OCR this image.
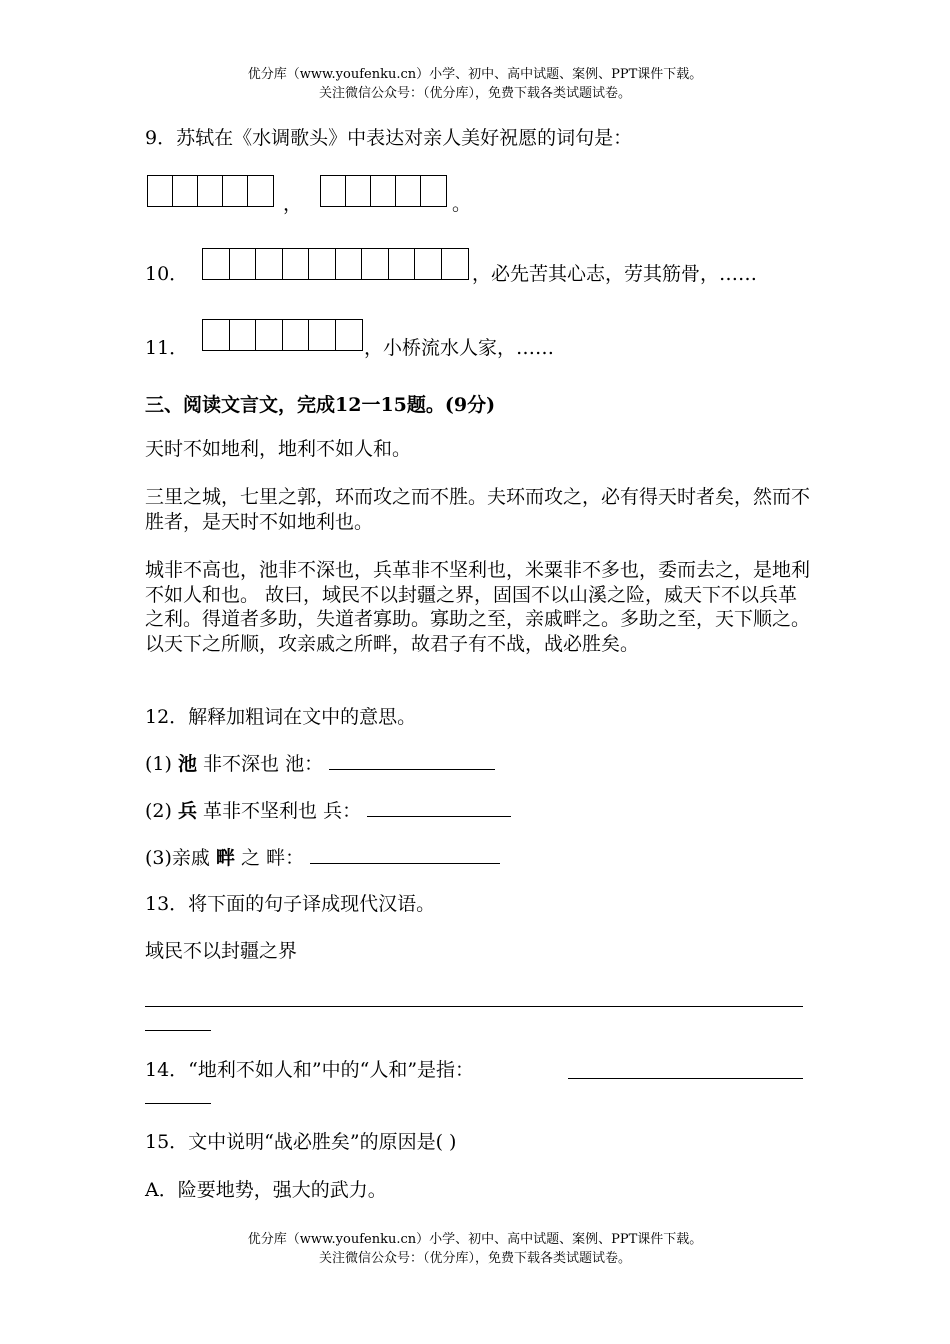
优分库（www.youfenku.cn）小学、初中、高中试题、案例、PPT课件下载。
关注微信公众号：（优分库），免费下载各类试题试卷。
9．苏轼在《水调歌头》中表达对亲人美好祝愿的词句是：
，	。
10．	，必先苦其心志，劳其筋骨，……
11．	，小桥流水人家，……
三、阅读文言文，完成12一15题。(9分)
天时不如地利，地利不如人和。
三里之城，七里之郭，环而攻之而不胜。夫环而攻之，必有得天时者矣，然而不胜者，是天时不如地利也。
城非不高也，池非不深也，兵革非不坚利也，米粟非不多也，委而去之，是地利不如人和也。 故曰，域民不以封疆之界，固国不以山溪之险，威天下不以兵革之利。得道者多助，失道者寡助。寡助之至，亲戚畔之。多助之至，天下顺之。以天下之所顺，攻亲戚之所畔，故君子有不战，战必胜矣。
12．解释加粗词在文中的意思。
(1) 池 非不深也 池：
(2) 兵 革非不坚利也 兵：
(3)亲戚 畔 之 畔：
13．将下面的句子译成现代汉语。
域民不以封疆之界
14．“地利不如人和”中的“人和”是指：
15．文中说明“战必胜矣”的原因是( )
A．险要地势，强大的武力。
优分库（www.youfenku.cn）小学、初中、高中试题、案例、PPT课件下载。
关注微信公众号：（优分库），免费下载各类试题试卷。
